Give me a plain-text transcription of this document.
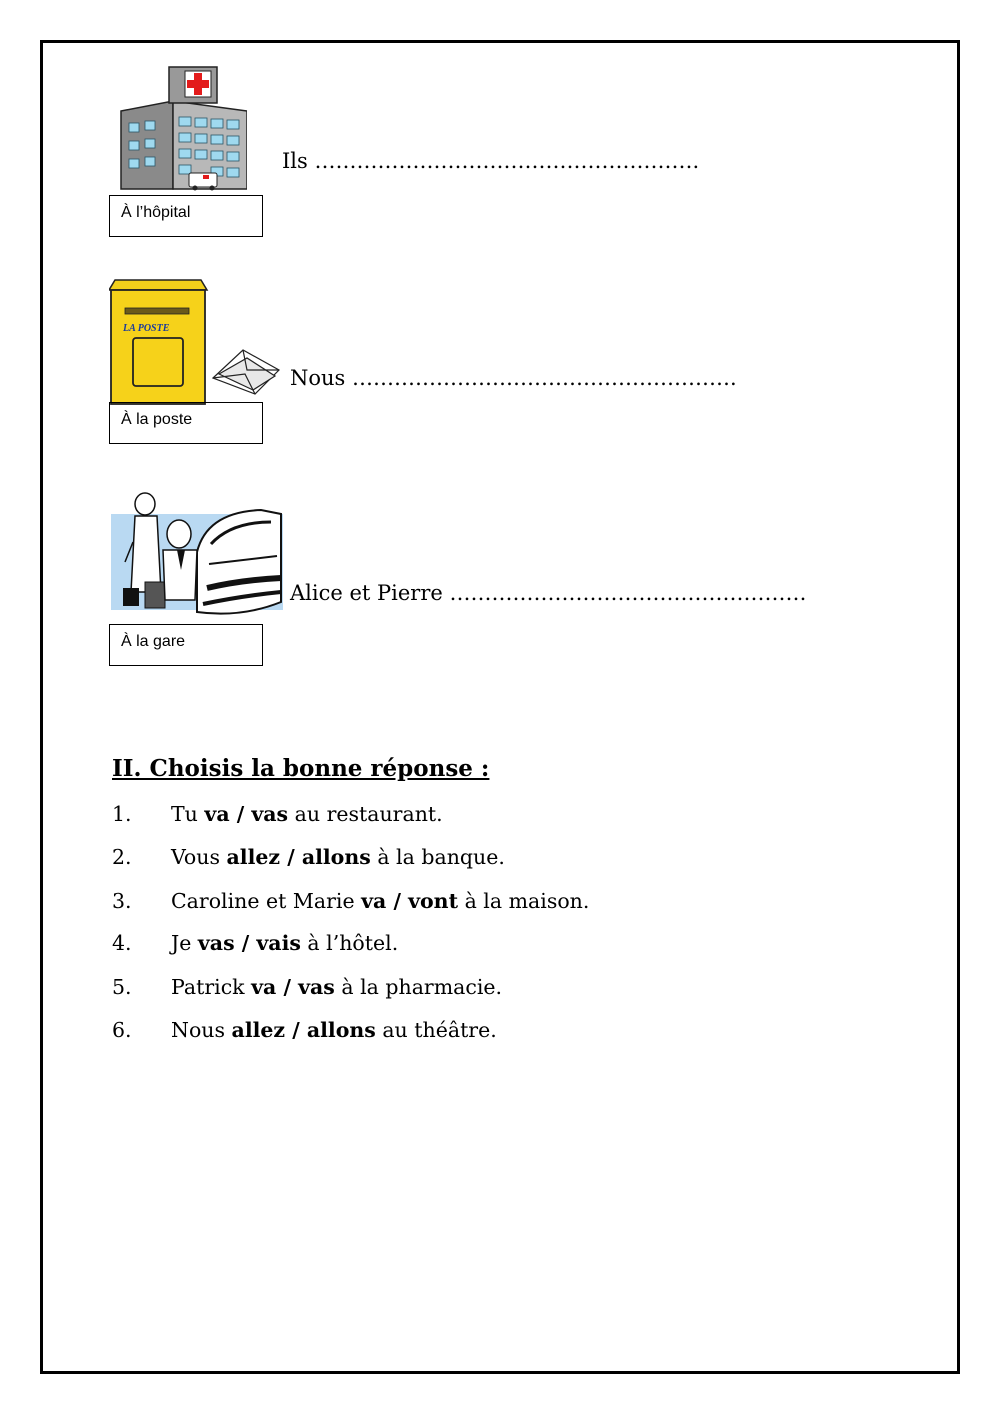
À l’hôpital
Ils ……………………………………………….
LA POSTE
À la poste
Nous ……………………………………………….
À la gare
Alice et Pierre ……………………………………………
II. Choisis la bonne réponse :
1. Tu va / vas au restaurant.
2. Vous allez / allons à la banque.
3. Caroline et Marie va / vont à la maison.
4. Je vas / vais à l’hôtel.
5. Patrick va / vas à la pharmacie.
6. Nous allez / allons au théâtre.
